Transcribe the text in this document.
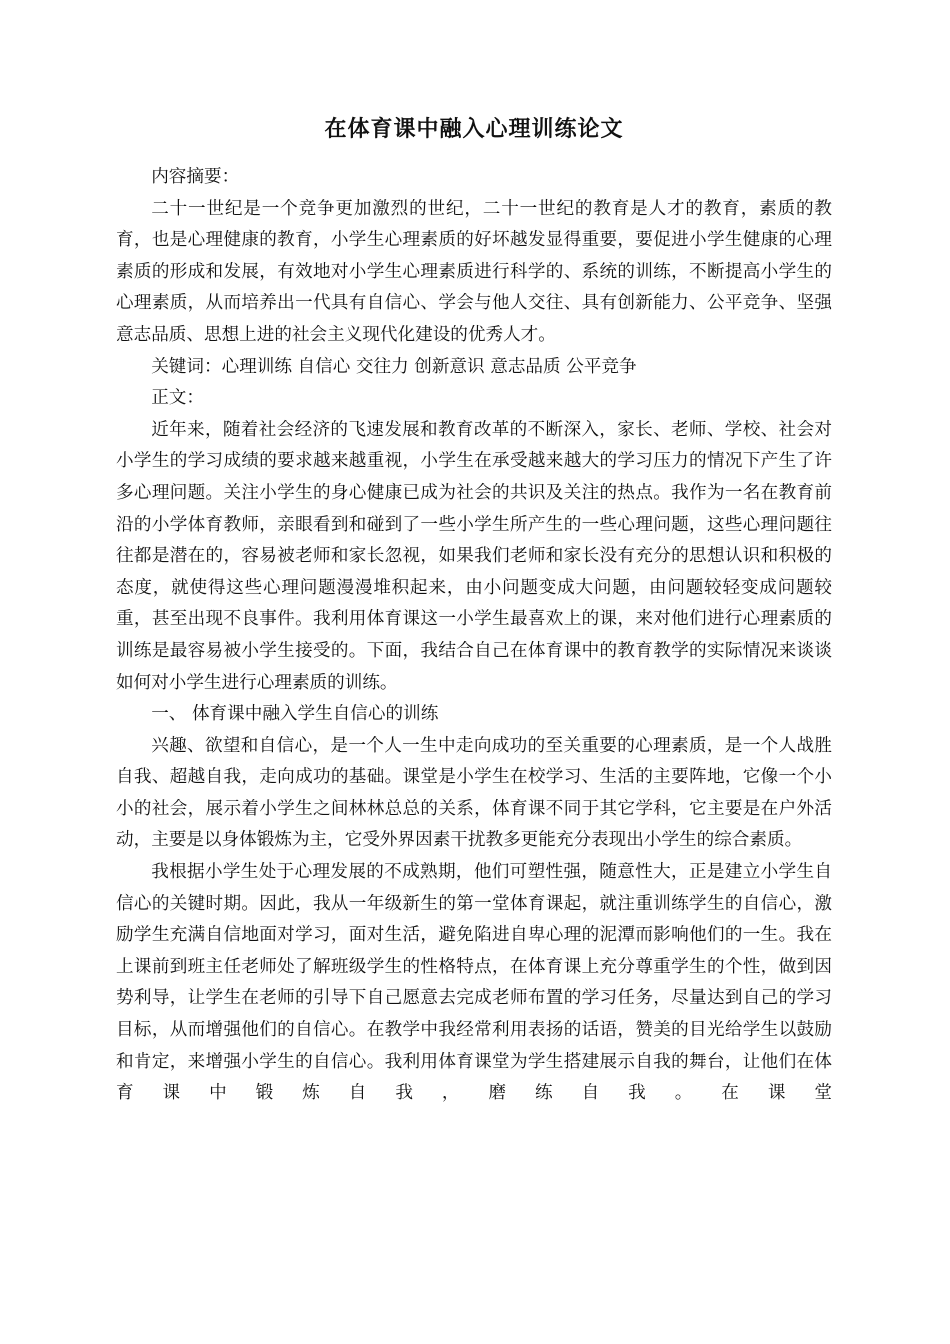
在体育课中融入心理训练论文

内容摘要：

二十一世纪是一个竞争更加激烈的世纪，二十一世纪的教育是人才的教育，素质的教育，也是心理健康的教育，小学生心理素质的好坏越发显得重要，要促进小学生健康的心理素质的形成和发展，有效地对小学生心理素质进行科学的、系统的训练，不断提高小学生的心理素质，从而培养出一代具有自信心、学会与他人交往、具有创新能力、公平竞争、坚强意志品质、思想上进的社会主义现代化建设的优秀人才。

关键词：心理训练 自信心 交往力 创新意识 意志品质 公平竞争

正文：

近年来，随着社会经济的飞速发展和教育改革的不断深入，家长、老师、学校、社会对小学生的学习成绩的要求越来越重视，小学生在承受越来越大的学习压力的情况下产生了许多心理问题。关注小学生的身心健康已成为社会的共识及关注的热点。我作为一名在教育前沿的小学体育教师，亲眼看到和碰到了一些小学生所产生的一些心理问题，这些心理问题往往都是潜在的，容易被老师和家长忽视，如果我们老师和家长没有充分的思想认识和积极的态度，就使得这些心理问题漫漫堆积起来，由小问题变成大问题，由问题较轻变成问题较重，甚至出现不良事件。我利用体育课这一小学生最喜欢上的课，来对他们进行心理素质的训练是最容易被小学生接受的。下面，我结合自己在体育课中的教育教学的实际情况来谈谈如何对小学生进行心理素质的训练。

一、 体育课中融入学生自信心的训练

兴趣、欲望和自信心，是一个人一生中走向成功的至关重要的心理素质，是一个人战胜自我、超越自我，走向成功的基础。课堂是小学生在校学习、生活的主要阵地，它像一个小小的社会，展示着小学生之间林林总总的关系，体育课不同于其它学科，它主要是在户外活动，主要是以身体锻炼为主，它受外界因素干扰教多更能充分表现出小学生的综合素质。

我根据小学生处于心理发展的不成熟期，他们可塑性强，随意性大，正是建立小学生自信心的关键时期。因此，我从一年级新生的第一堂体育课起，就注重训练学生的自信心，激励学生充满自信地面对学习，面对生活，避免陷进自卑心理的泥潭而影响他们的一生。我在上课前到班主任老师处了解班级学生的性格特点，在体育课上充分尊重学生的个性，做到因势利导，让学生在老师的引导下自己愿意去完成老师布置的学习任务，尽量达到自己的学习目标，从而增强他们的自信心。在教学中我经常利用表扬的话语，赞美的目光给学生以鼓励和肯定，来增强小学生的自信心。我利用体育课堂为学生搭建展示自我的舞台，让他们在体育课中锻炼自我，磨练自我。在课堂
